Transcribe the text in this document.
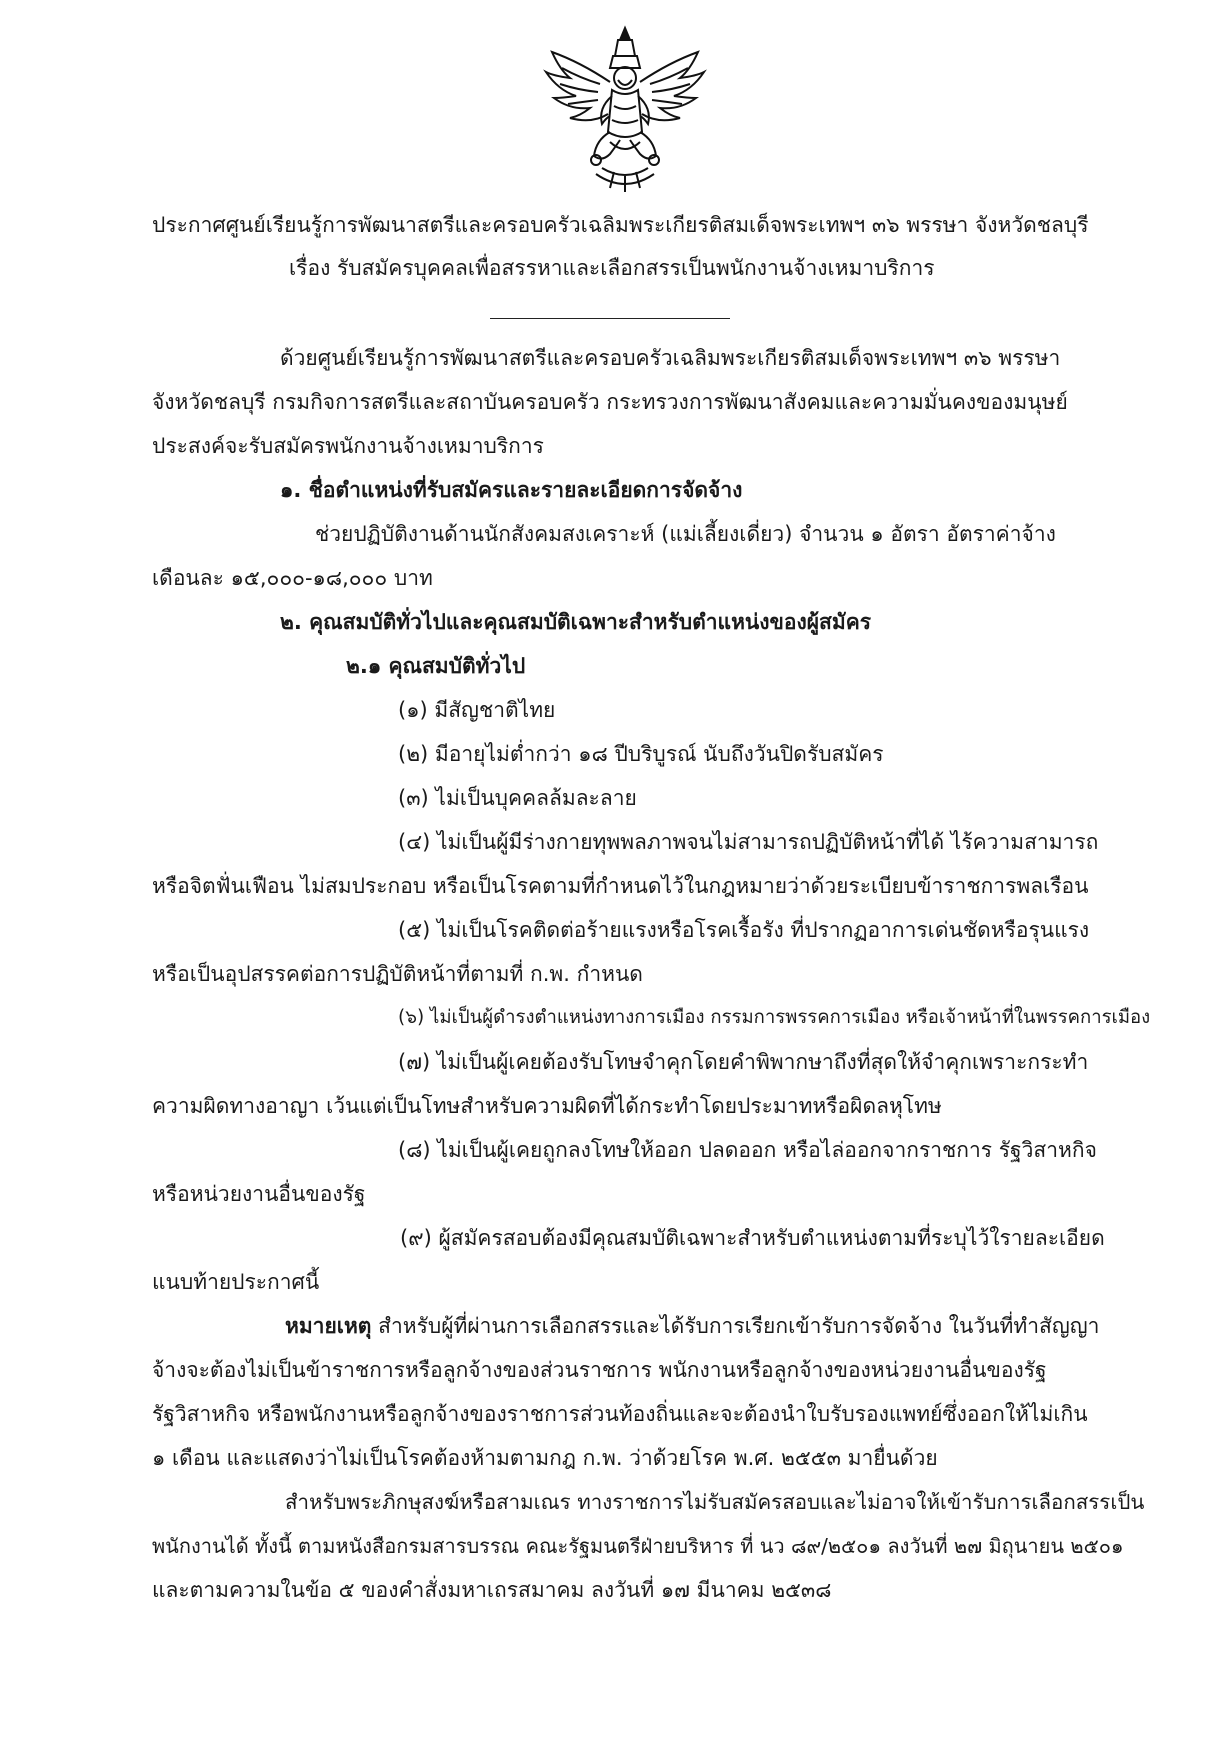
ประกาศศูนย์เรียนรู้การพัฒนาสตรีและครอบครัวเฉลิมพระเกียรติสมเด็จพระเทพฯ ๓๖ พรรษา จังหวัดชลบุรี
เรื่อง รับสมัครบุคคลเพื่อสรรหาและเลือกสรรเป็นพนักงานจ้างเหมาบริการ
ด้วยศูนย์เรียนรู้การพัฒนาสตรีและครอบครัวเฉลิมพระเกียรติสมเด็จพระเทพฯ ๓๖ พรรษา
จังหวัดชลบุรี กรมกิจการสตรีและสถาบันครอบครัว กระทรวงการพัฒนาสังคมและความมั่นคงของมนุษย์
ประสงค์จะรับสมัครพนักงานจ้างเหมาบริการ
๑. ชื่อตำแหน่งที่รับสมัครและรายละเอียดการจัดจ้าง
ช่วยปฏิบัติงานด้านนักสังคมสงเคราะห์ (แม่เลี้ยงเดี่ยว) จำนวน ๑ อัตรา อัตราค่าจ้าง
เดือนละ ๑๕,๐๐๐-๑๘,๐๐๐ บาท
๒. คุณสมบัติทั่วไปและคุณสมบัติเฉพาะสำหรับตำแหน่งของผู้สมัคร
๒.๑ คุณสมบัติทั่วไป
(๑) มีสัญชาติไทย
(๒) มีอายุไม่ต่ำกว่า ๑๘ ปีบริบูรณ์ นับถึงวันปิดรับสมัคร
(๓) ไม่เป็นบุคคลล้มละลาย
(๔) ไม่เป็นผู้มีร่างกายทุพพลภาพจนไม่สามารถปฏิบัติหน้าที่ได้ ไร้ความสามารถ
หรือจิตฟั่นเฟือน ไม่สมประกอบ หรือเป็นโรคตามที่กำหนดไว้ในกฎหมายว่าด้วยระเบียบข้าราชการพลเรือน
(๕) ไม่เป็นโรคติดต่อร้ายแรงหรือโรคเรื้อรัง ที่ปรากฏอาการเด่นชัดหรือรุนแรง
หรือเป็นอุปสรรคต่อการปฏิบัติหน้าที่ตามที่ ก.พ. กำหนด
(๖) ไม่เป็นผู้ดำรงตำแหน่งทางการเมือง กรรมการพรรคการเมือง หรือเจ้าหน้าที่ในพรรคการเมือง
(๗) ไม่เป็นผู้เคยต้องรับโทษจำคุกโดยคำพิพากษาถึงที่สุดให้จำคุกเพราะกระทำ
ความผิดทางอาญา เว้นแต่เป็นโทษสำหรับความผิดที่ได้กระทำโดยประมาทหรือผิดลหุโทษ
(๘) ไม่เป็นผู้เคยถูกลงโทษให้ออก ปลดออก หรือไล่ออกจากราชการ รัฐวิสาหกิจ
หรือหน่วยงานอื่นของรัฐ
(๙) ผู้สมัครสอบต้องมีคุณสมบัติเฉพาะสำหรับตำแหน่งตามที่ระบุไว้ใรายละเอียด
แนบท้ายประกาศนี้
หมายเหตุ สำหรับผู้ที่ผ่านการเลือกสรรและได้รับการเรียกเข้ารับการจัดจ้าง ในวันที่ทำสัญญา
จ้างจะต้องไม่เป็นข้าราชการหรือลูกจ้างของส่วนราชการ พนักงานหรือลูกจ้างของหน่วยงานอื่นของรัฐ
รัฐวิสาหกิจ หรือพนักงานหรือลูกจ้างของราชการส่วนท้องถิ่นและจะต้องนำใบรับรองแพทย์ซึ่งออกให้ไม่เกิน
๑ เดือน และแสดงว่าไม่เป็นโรคต้องห้ามตามกฎ ก.พ. ว่าด้วยโรค พ.ศ. ๒๕๕๓ มายื่นด้วย
สำหรับพระภิกษุสงฆ์หรือสามเณร ทางราชการไม่รับสมัครสอบและไม่อาจให้เข้ารับการเลือกสรรเป็น
พนักงานได้ ทั้งนี้ ตามหนังสือกรมสารบรรณ คณะรัฐมนตรีฝ่ายบริหาร ที่ นว ๘๙/๒๕๐๑ ลงวันที่ ๒๗ มิถุนายน ๒๕๐๑
และตามความในข้อ ๕ ของคำสั่งมหาเถรสมาคม ลงวันที่ ๑๗ มีนาคม ๒๕๓๘
